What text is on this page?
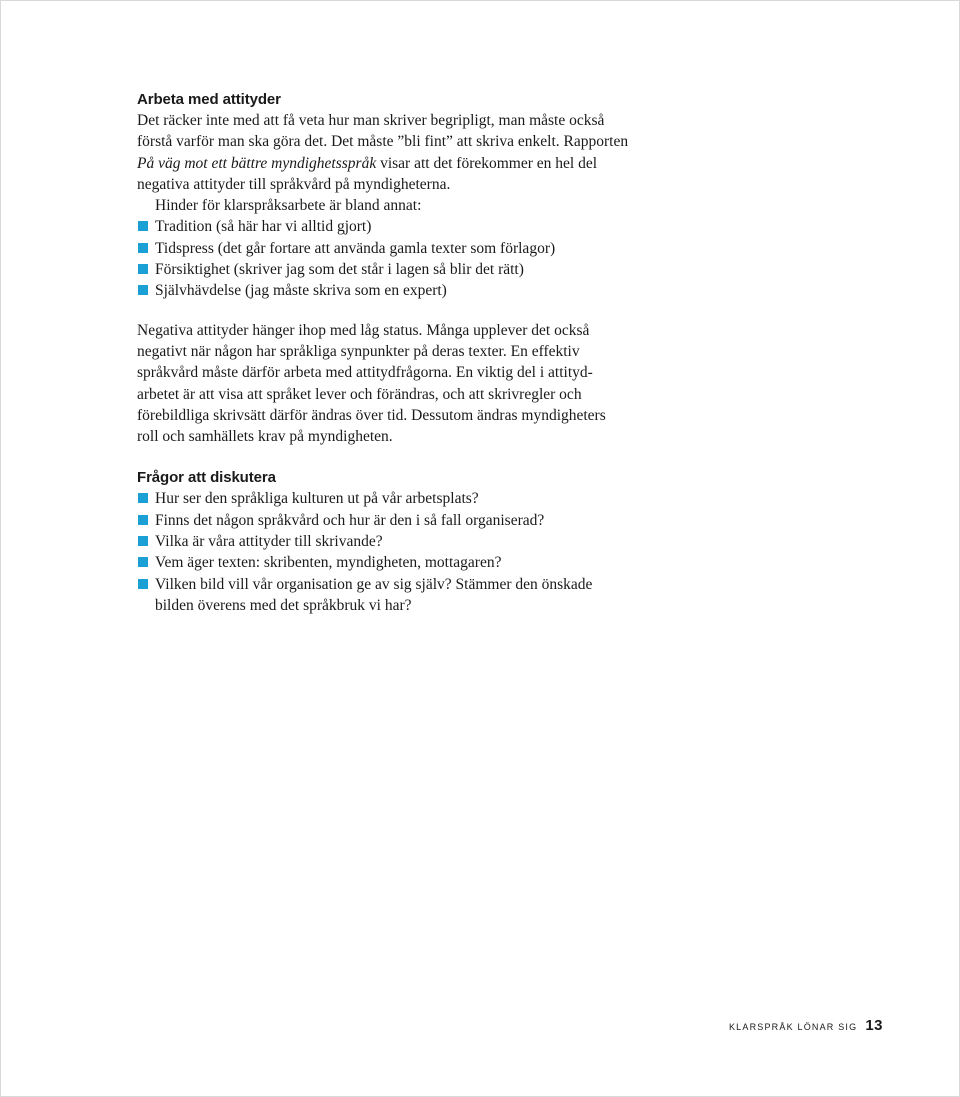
Arbeta med attityder

Det räcker inte med att få veta hur man skriver begripligt, man måste också
förstå varför man ska göra det. Det måste ”bli fint” att skriva enkelt. Rapporten
På väg mot ett bättre myndighetsspråk visar att det förekommer en hel del
negativa attityder till språkvård på myndigheterna.
Hinder för klarspråksarbete är bland annat:

Tradition (så här har vi alltid gjort)
Tidspress (det går fortare att använda gamla texter som förlagor)
Försiktighet (skriver jag som det står i lagen så blir det rätt)
Självhävdelse (jag måste skriva som en expert)

Negativa attityder hänger ihop med låg status. Många upplever det också
negativt när någon har språkliga synpunkter på deras texter. En effektiv
språkvård måste därför arbeta med attitydfrågorna. En viktig del i attityd-
arbetet är att visa att språket lever och förändras, och att skrivregler och
förebildliga skrivsätt därför ändras över tid. Dessutom ändras myndigheters
roll och samhällets krav på myndigheten.

Frågor att diskutera
Hur ser den språkliga kulturen ut på vår arbetsplats?
Finns det någon språkvård och hur är den i så fall organiserad?
Vilka är våra attityder till skrivande?
Vem äger texten: skribenten, myndigheten, mottagaren?
Vilken bild vill vår organisation ge av sig själv? Stämmer den önskade
bilden överens med det språkbruk vi har?
KLARSPRÅK LÖNAR SIG 13
